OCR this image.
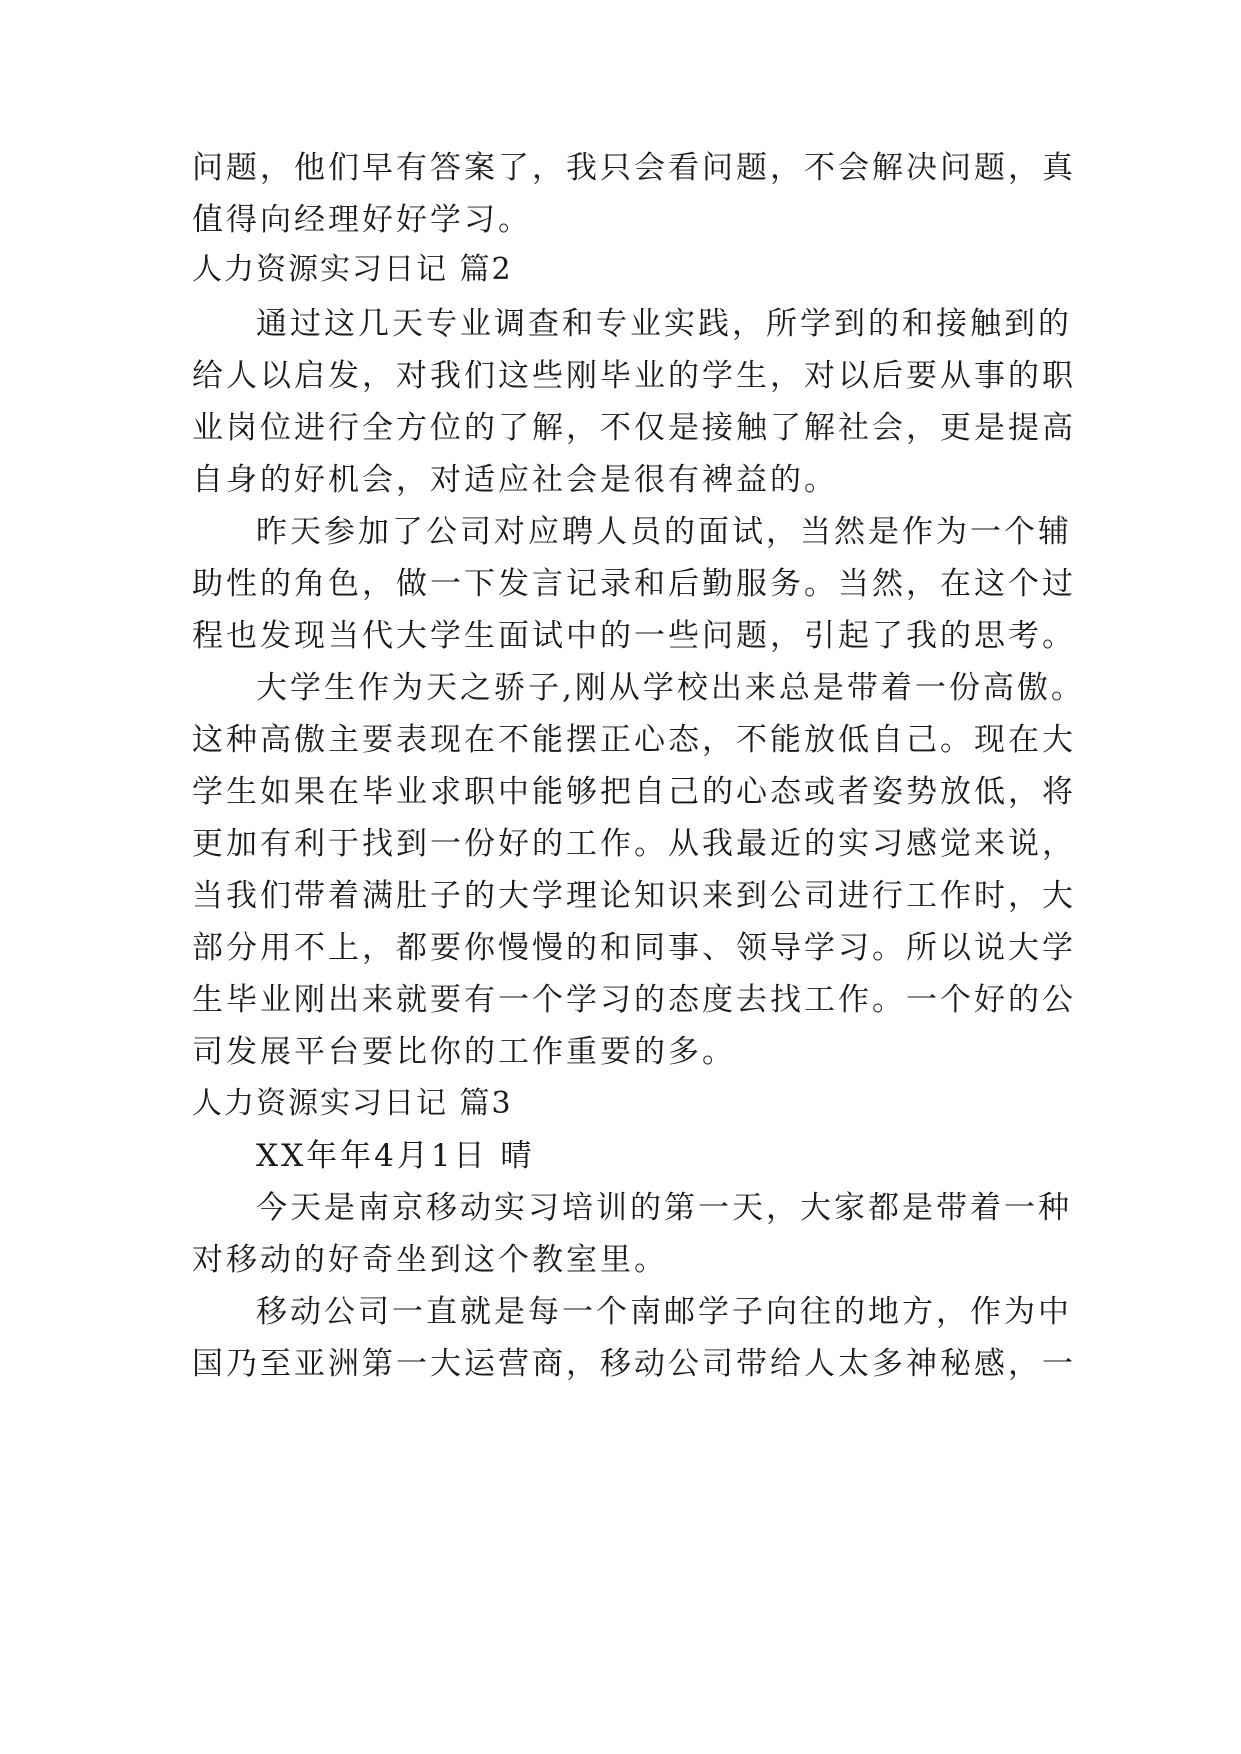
问题，他们早有答案了，我只会看问题，不会解决问题，真
值得向经理好好学习。
人力资源实习日记 篇2
通过这几天专业调查和专业实践，所学到的和接触到的
给人以启发，对我们这些刚毕业的学生，对以后要从事的职
业岗位进行全方位的了解，不仅是接触了解社会，更是提高
自身的好机会，对适应社会是很有裨益的。
昨天参加了公司对应聘人员的面试，当然是作为一个辅
助性的角色，做一下发言记录和后勤服务。当然，在这个过
程也发现当代大学生面试中的一些问题，引起了我的思考。
大学生作为天之骄子,刚从学校出来总是带着一份高傲。
这种高傲主要表现在不能摆正心态，不能放低自己。现在大
学生如果在毕业求职中能够把自己的心态或者姿势放低，将
更加有利于找到一份好的工作。从我最近的实习感觉来说，
当我们带着满肚子的大学理论知识来到公司进行工作时，大
部分用不上，都要你慢慢的和同事、领导学习。所以说大学
生毕业刚出来就要有一个学习的态度去找工作。一个好的公
司发展平台要比你的工作重要的多。
人力资源实习日记 篇3
XX年年4月1日 晴
今天是南京移动实习培训的第一天，大家都是带着一种
对移动的好奇坐到这个教室里。
移动公司一直就是每一个南邮学子向往的地方，作为中
国乃至亚洲第一大运营商，移动公司带给人太多神秘感，一
